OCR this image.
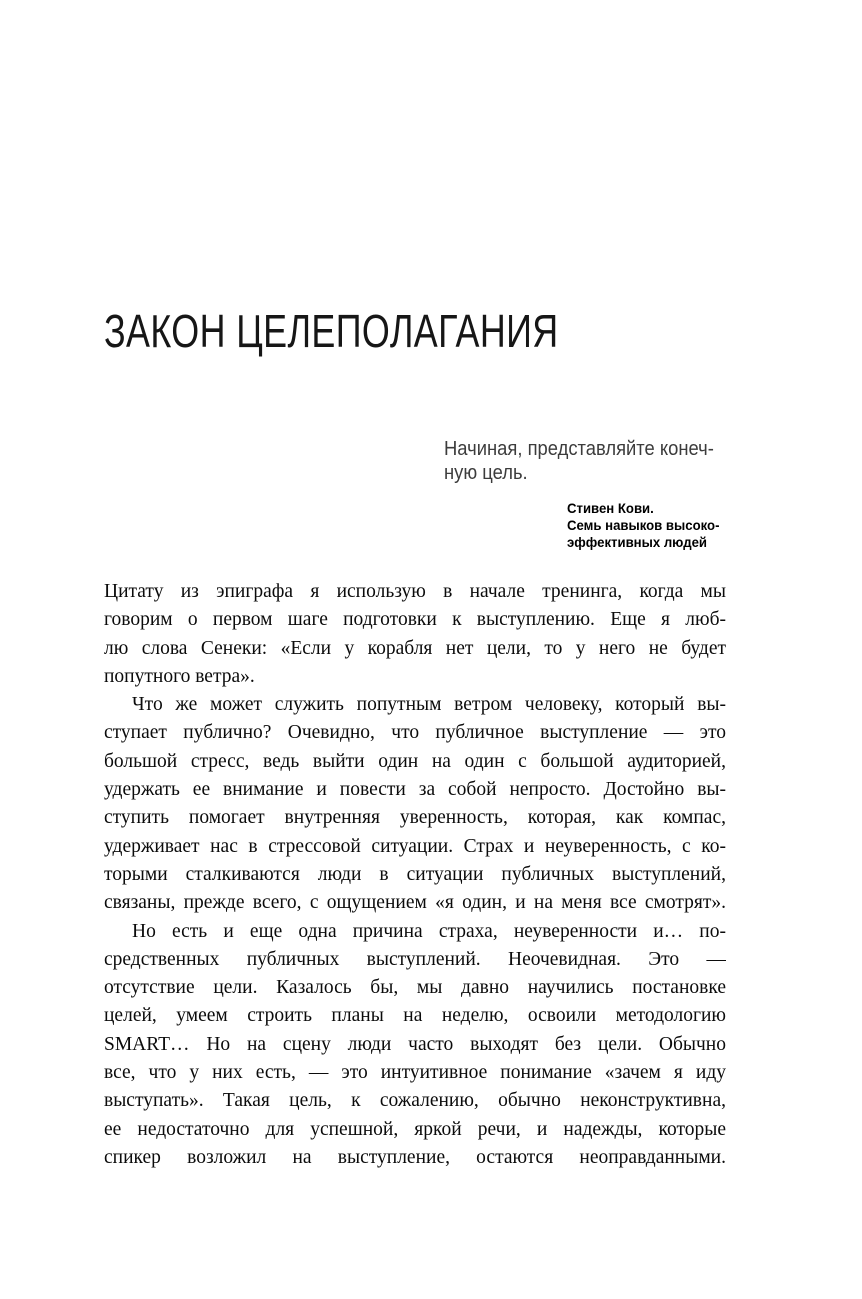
ЗАКОН ЦЕЛЕПОЛАГАНИЯ
Начиная, представляйте конеч-
ную цель.
Стивен Кови.
Семь навыков высоко-
эффективных людей
Цитату из эпиграфа я использую в начале тренинга, когда мы
говорим о первом шаге подготовки к выступлению. Еще я люб-
лю слова Сенеки: «Если у корабля нет цели, то у него не будет
попутного ветра».
Что же может служить попутным ветром человеку, который вы-
ступает публично? Очевидно, что публичное выступление — это
большой стресс, ведь выйти один на один с большой аудиторией,
удержать ее внимание и повести за собой непросто. Достойно вы-
ступить помогает внутренняя уверенность, которая, как компас,
удерживает нас в стрессовой ситуации. Страх и неуверенность, с ко-
торыми сталкиваются люди в ситуации публичных выступлений,
связаны, прежде всего, с ощущением «я один, и на меня все смотрят».
Но есть и еще одна причина страха, неуверенности и… по-
средственных публичных выступлений. Неочевидная. Это —
отсутствие цели. Казалось бы, мы давно научились постановке
целей, умеем строить планы на неделю, освоили методологию
SMART… Но на сцену люди часто выходят без цели. Обычно
все, что у них есть, — это интуитивное понимание «зачем я иду
выступать». Такая цель, к сожалению, обычно неконструктивна,
ее недостаточно для успешной, яркой речи, и надежды, которые
спикер возложил на выступление, остаются неоправданными.
